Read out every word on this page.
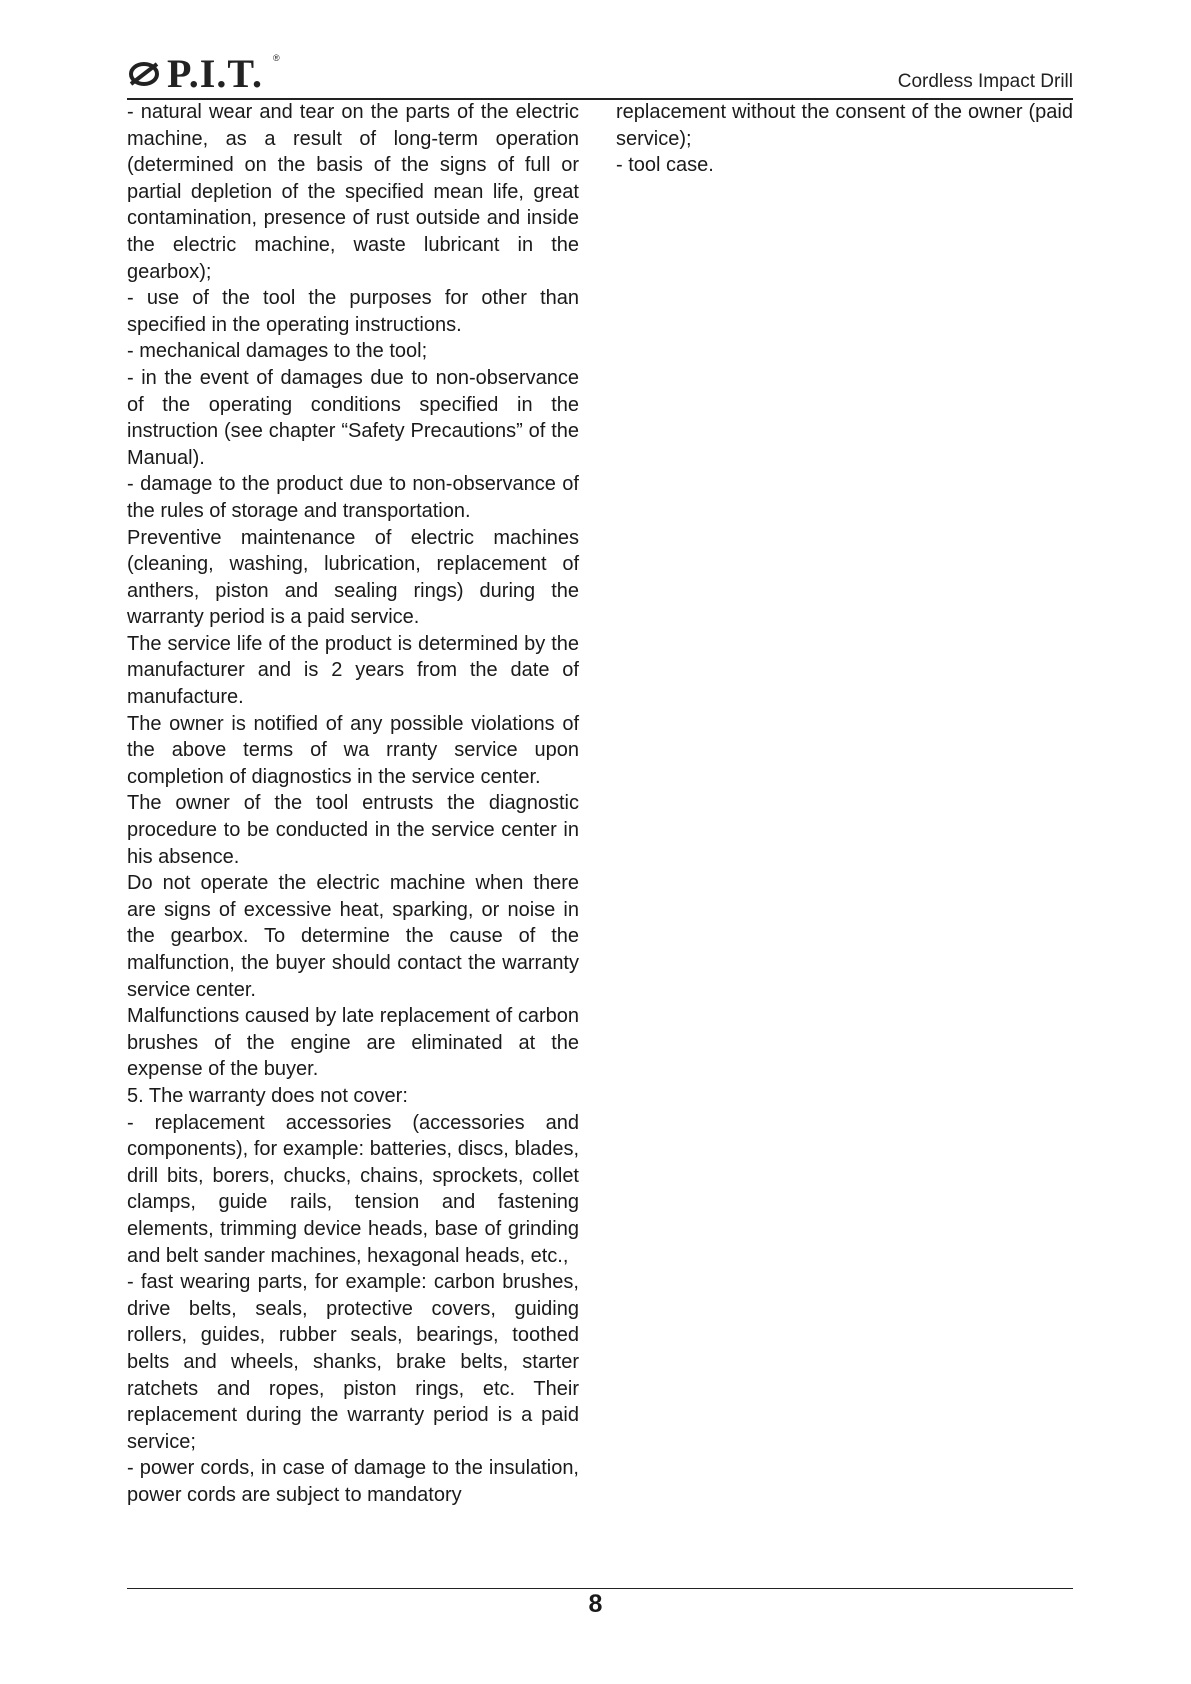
P.I.T. ®
Cordless Impact Drill

- natural wear and tear on the parts of the electric machine, as a result of long-term operation (determined on the basis of the signs of full or partial depletion of the specified mean life, great contamination, presence of rust outside and inside the electric machine, waste lubricant in the gearbox);

- use of the tool the purposes for other than specified in the operating instructions.

- mechanical damages to the tool;

- in the event of damages due to non-observance of the operating conditions specified in the instruction (see chapter “Safety Precautions” of the Manual).

- damage to the product due to non-observance of the rules of storage and transportation.

Preventive maintenance of electric machines (cleaning, washing, lubrication, replacement of anthers, piston and sealing rings) during the warranty period is a paid service.

The service life of the product is determined by the manufacturer and is 2 years from the date of manufacture.

The owner is notified of any possible violations of the above terms of wa rranty service upon completion of diagnostics in the service center.

The owner of the tool entrusts the diagnostic procedure to be conducted in the service center in his absence.

Do not operate the electric machine when there are signs of excessive heat, sparking, or noise in the gearbox. To determine the cause of the malfunction, the buyer should contact the warranty service center.

Malfunctions caused by late replacement of carbon brushes of the engine are eliminated at the expense of the buyer.

5. The warranty does not cover:

- replacement accessories (accessories and components), for example: batteries, discs, blades, drill bits, borers, chucks, chains, sprockets, collet clamps, guide rails, tension and fastening elements, trimming device heads, base of grinding and belt sander machines, hexagonal heads, etc.,

- fast wearing parts, for example: carbon brushes, drive belts, seals, protective covers, guiding rollers, guides, rubber seals, bearings, toothed belts and wheels, shanks, brake belts, starter ratchets and ropes, piston rings, etc. Their replacement during the warranty period is a paid service;

- power cords, in case of damage to the insulation, power cords are subject to mandatory

replacement without the consent of the owner (paid service);

- tool case.

8
